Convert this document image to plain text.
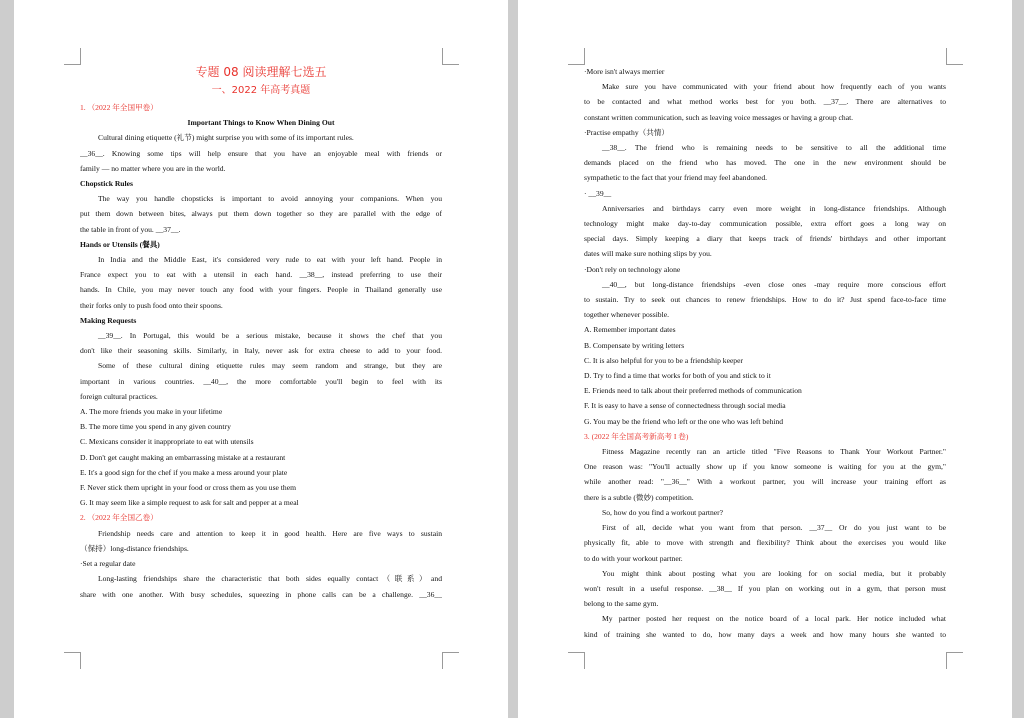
专题 08 阅读理解七选五
一、2022 年高考真题
1. （2022 年全国甲卷）
Important Things to Know When Dining Out
Cultural dining etiquette (礼节) might surprise you with some of its important rules.
__36__. Knowing some tips will help ensure that you have an enjoyable meal with friends or
family — no matter where you are in the world.
Chopstick Rules
The way you handle chopsticks is important to avoid annoying your companions. When you
put them down between bites, always put them down together so they are parallel with the edge of
the table in front of you. __37__.
Hands or Utensils (餐具)
In India and the Middle East, it's considered very rude to eat with your left hand. People in
France expect you to eat with a utensil in each hand. __38__, instead preferring to use their
hands. In Chile, you may never touch any food with your fingers. People in Thailand generally use
their forks only to push food onto their spoons.
Making Requests
__39__. In Portugal, this would be a serious mistake, because it shows the chef that you
don't like their seasoning skills. Similarly, in Italy, never ask for extra cheese to add to your food.
Some of these cultural dining etiquette rules may seem random and strange, but they are
important in various countries. __40__, the more comfortable you'll begin to feel with its
foreign cultural practices.
A. The more friends you make in your lifetime
B. The more time you spend in any given country
C. Mexicans consider it inappropriate to eat with utensils
D. Don't get caught making an embarrassing mistake at a restaurant
E. It's a good sign for the chef if you make a mess around your plate
F. Never stick them upright in your food or cross them as you use them
G. It may seem like a simple request to ask for salt and pepper at a meal
2. （2022 年全国乙卷）
Friendship needs care and attention to keep it in good health. Here are five ways to sustain
（保持）long-distance friendships.
·Set a regular date
Long-lasting friendships share the characteristic that both sides equally contact（联系）and
share with one another. With busy schedules, squeezing in phone calls can be a challenge. __36__
·More isn't always merrier
Make sure you have communicated with your friend about how frequently each of you wants
to be contacted and what method works best for you both. __37__. There are alternatives to
constant written communication, such as leaving voice messages or having a group chat.
·Practise empathy（共情）
__38__. The friend who is remaining needs to be sensitive to all the additional time
demands placed on the friend who has moved. The one in the new environment should be
sympathetic to the fact that your friend may feel abandoned.
· __39__
Anniversaries and birthdays carry even more weight in long-distance friendships. Although
technology might make day-to-day communication possible, extra effort goes a long way on
special days. Simply keeping a diary that keeps track of friends' birthdays and other important
dates will make sure nothing slips by you.
·Don't rely on technology alone
__40__, but long-distance friendships -even close ones -may require more conscious effort
to sustain. Try to seek out chances to renew friendships. How to do it? Just spend face-to-face time
together whenever possible.
A. Remember important dates
B. Compensate by writing letters
C. It is also helpful for you to be a friendship keeper
D. Try to find a time that works for both of you and stick to it
E. Friends need to talk about their preferred methods of communication
F. It is easy to have a sense of connectedness through social media
G. You may be the friend who left or the one who was left behind
3. (2022 年全国高考新高考 I 卷)
Fitness Magazine recently ran an article titled "Five Reasons to Thank Your Workout Partner."
One reason was: "You'll actually show up if you know someone is waiting for you at the gym,"
while another read: "__36__" With a workout partner, you will increase your training effort as
there is a subtle (微妙) competition.
So, how do you find a workout partner?
First of all, decide what you want from that person. __37__ Or do you just want to be
physically fit, able to move with strength and flexibility? Think about the exercises you would like
to do with your workout partner.
You might think about posting what you are looking for on social media, but it probably
won't result in a useful response. __38__ If you plan on working out in a gym, that person must
belong to the same gym.
My partner posted her request on the notice board of a local park. Her notice included what
kind of training she wanted to do, how many days a week and how many hours she wanted to
